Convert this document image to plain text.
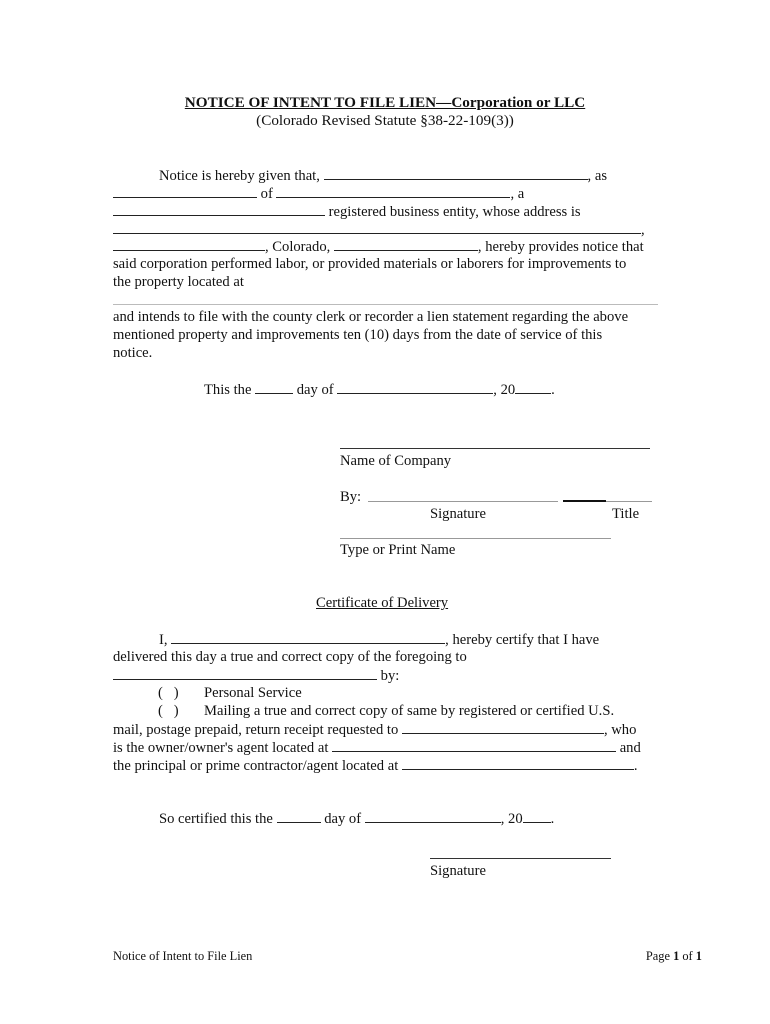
NOTICE OF INTENT TO FILE LIEN—Corporation or LLC
(Colorado Revised Statute §38-22-109(3))
Notice is hereby given that,	, as
of	, a
registered business entity, whose address is
,
, Colorado,	, hereby provides notice that
said corporation performed labor, or provided materials or laborers for improvements to
the property located at
and intends to file with the county clerk or recorder a lien statement regarding the above
mentioned property and improvements ten (10) days from the date of service of this
notice.
This the	day of	, 20 .
Name of Company
By:
Signature	Title
Type or Print Name
Certificate of Delivery
I,	, hereby certify that I have
delivered this day a true and correct copy of the foregoing to
by:
(   )	Personal Service
(   )	Mailing a true and correct copy of same by registered or certified U.S.
mail, postage prepaid, return receipt requested to	, who
is the owner/owner's agent located at	and
the principal or prime contractor/agent located at	.
So certified this the	day of	, 20 .
Signature
Notice of Intent to File Lien	Page 1 of 1
